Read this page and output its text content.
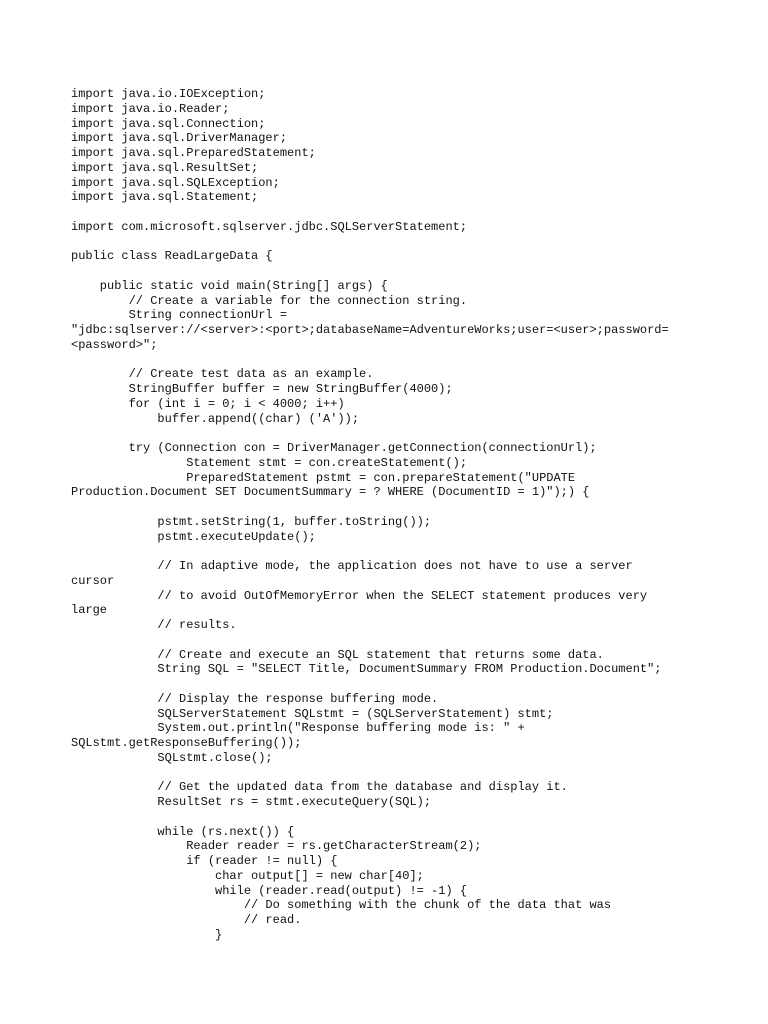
import java.io.IOException;
import java.io.Reader;
import java.sql.Connection;
import java.sql.DriverManager;
import java.sql.PreparedStatement;
import java.sql.ResultSet;
import java.sql.SQLException;
import java.sql.Statement;
import com.microsoft.sqlserver.jdbc.SQLServerStatement;
public class ReadLargeData {
public static void main(String[] args) {
// Create a variable for the connection string.
String connectionUrl =
"jdbc:sqlserver://<server>:<port>;databaseName=AdventureWorks;user=<user>;password=
<password>";
// Create test data as an example.
StringBuffer buffer = new StringBuffer(4000);
for (int i = 0; i < 4000; i++)
buffer.append((char) ('A'));
try (Connection con = DriverManager.getConnection(connectionUrl);
Statement stmt = con.createStatement();
PreparedStatement pstmt = con.prepareStatement("UPDATE
Production.Document SET DocumentSummary = ? WHERE (DocumentID = 1)");) {
pstmt.setString(1, buffer.toString());
pstmt.executeUpdate();
// In adaptive mode, the application does not have to use a server
cursor
// to avoid OutOfMemoryError when the SELECT statement produces very
large
// results.
// Create and execute an SQL statement that returns some data.
String SQL = "SELECT Title, DocumentSummary FROM Production.Document";
// Display the response buffering mode.
SQLServerStatement SQLstmt = (SQLServerStatement) stmt;
System.out.println("Response buffering mode is: " +
SQLstmt.getResponseBuffering());
SQLstmt.close();
// Get the updated data from the database and display it.
ResultSet rs = stmt.executeQuery(SQL);
while (rs.next()) {
Reader reader = rs.getCharacterStream(2);
if (reader != null) {
char output[] = new char[40];
while (reader.read(output) != -1) {
// Do something with the chunk of the data that was
// read.
}
